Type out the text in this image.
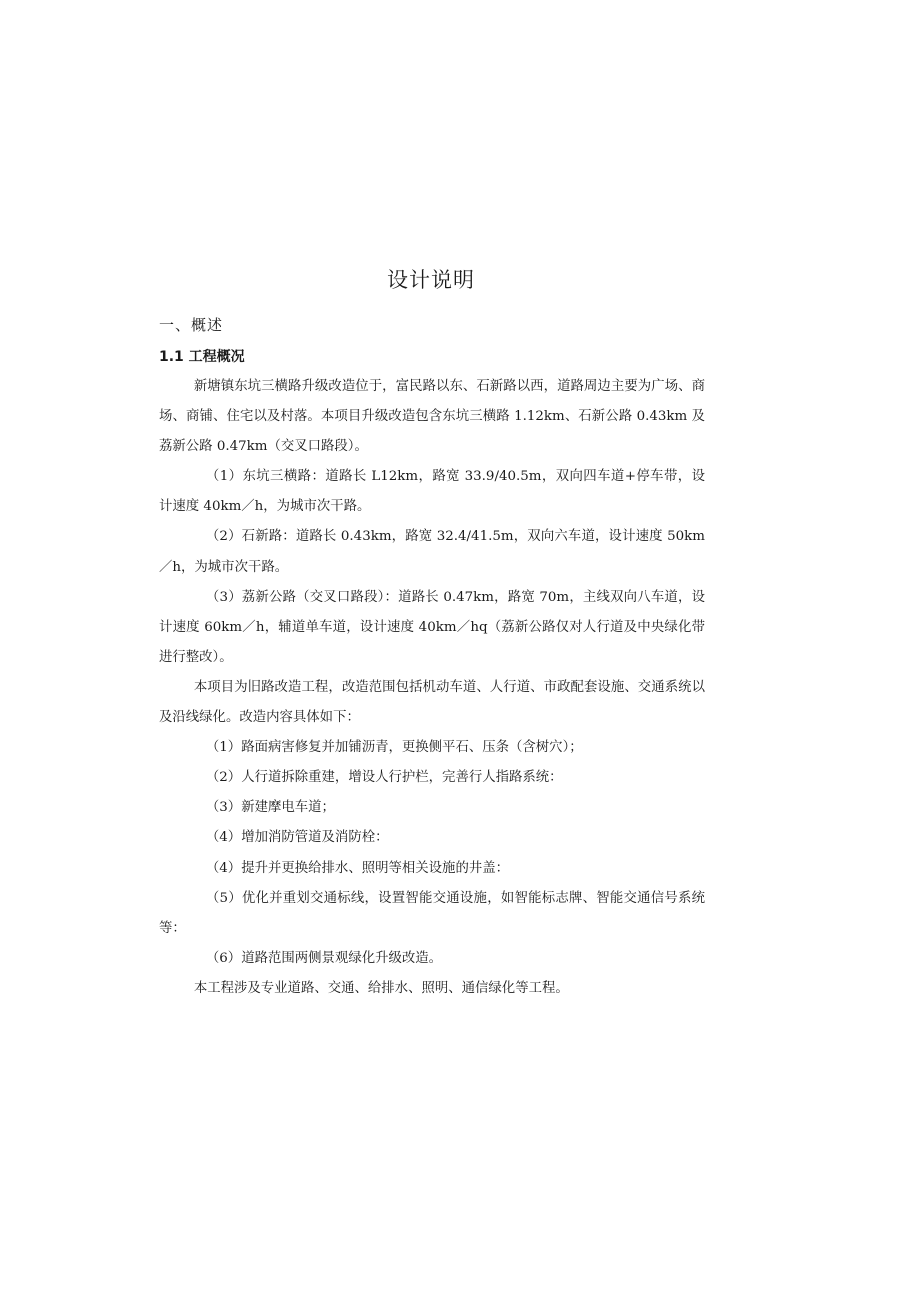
设计说明
一、概述
1.1 工程概况

新塘镇东坑三横路升级改造位于，富民路以东、石新路以西，道路周边主要为广场、商场、商铺、住宅以及村落。本项目升级改造包含东坑三横路 1.12km、石新公路 0.43km 及荔新公路 0.47km（交叉口路段）。

（1）东坑三横路：道路长 L12km，路宽 33.9/40.5m，双向四车道+停车带，设计速度 40km／h，为城市次干路。

（2）石新路：道路长 0.43km，路宽 32.4/41.5m，双向六车道，设计速度 50km／h，为城市次干路。

（3）荔新公路（交叉口路段）：道路长 0.47km，路宽 70m，主线双向八车道，设计速度 60km／h，辅道单车道，设计速度 40km／hq（荔新公路仅对人行道及中央绿化带进行整改）。

本项目为旧路改造工程，改造范围包括机动车道、人行道、市政配套设施、交通系统以及沿线绿化。改造内容具体如下：

（1）路面病害修复并加铺沥青，更换侧平石、压条（含树穴）；

（2）人行道拆除重建，增设人行护栏，完善行人指路系统：

（3）新建摩电车道；

（4）增加消防管道及消防栓：

（4）提升并更换给排水、照明等相关设施的井盖：

（5）优化并重划交通标线，设置智能交通设施，如智能标志牌、智能交通信号系统等：

（6）道路范围两侧景观绿化升级改造。

本工程涉及专业道路、交通、给排水、照明、通信绿化等工程。
